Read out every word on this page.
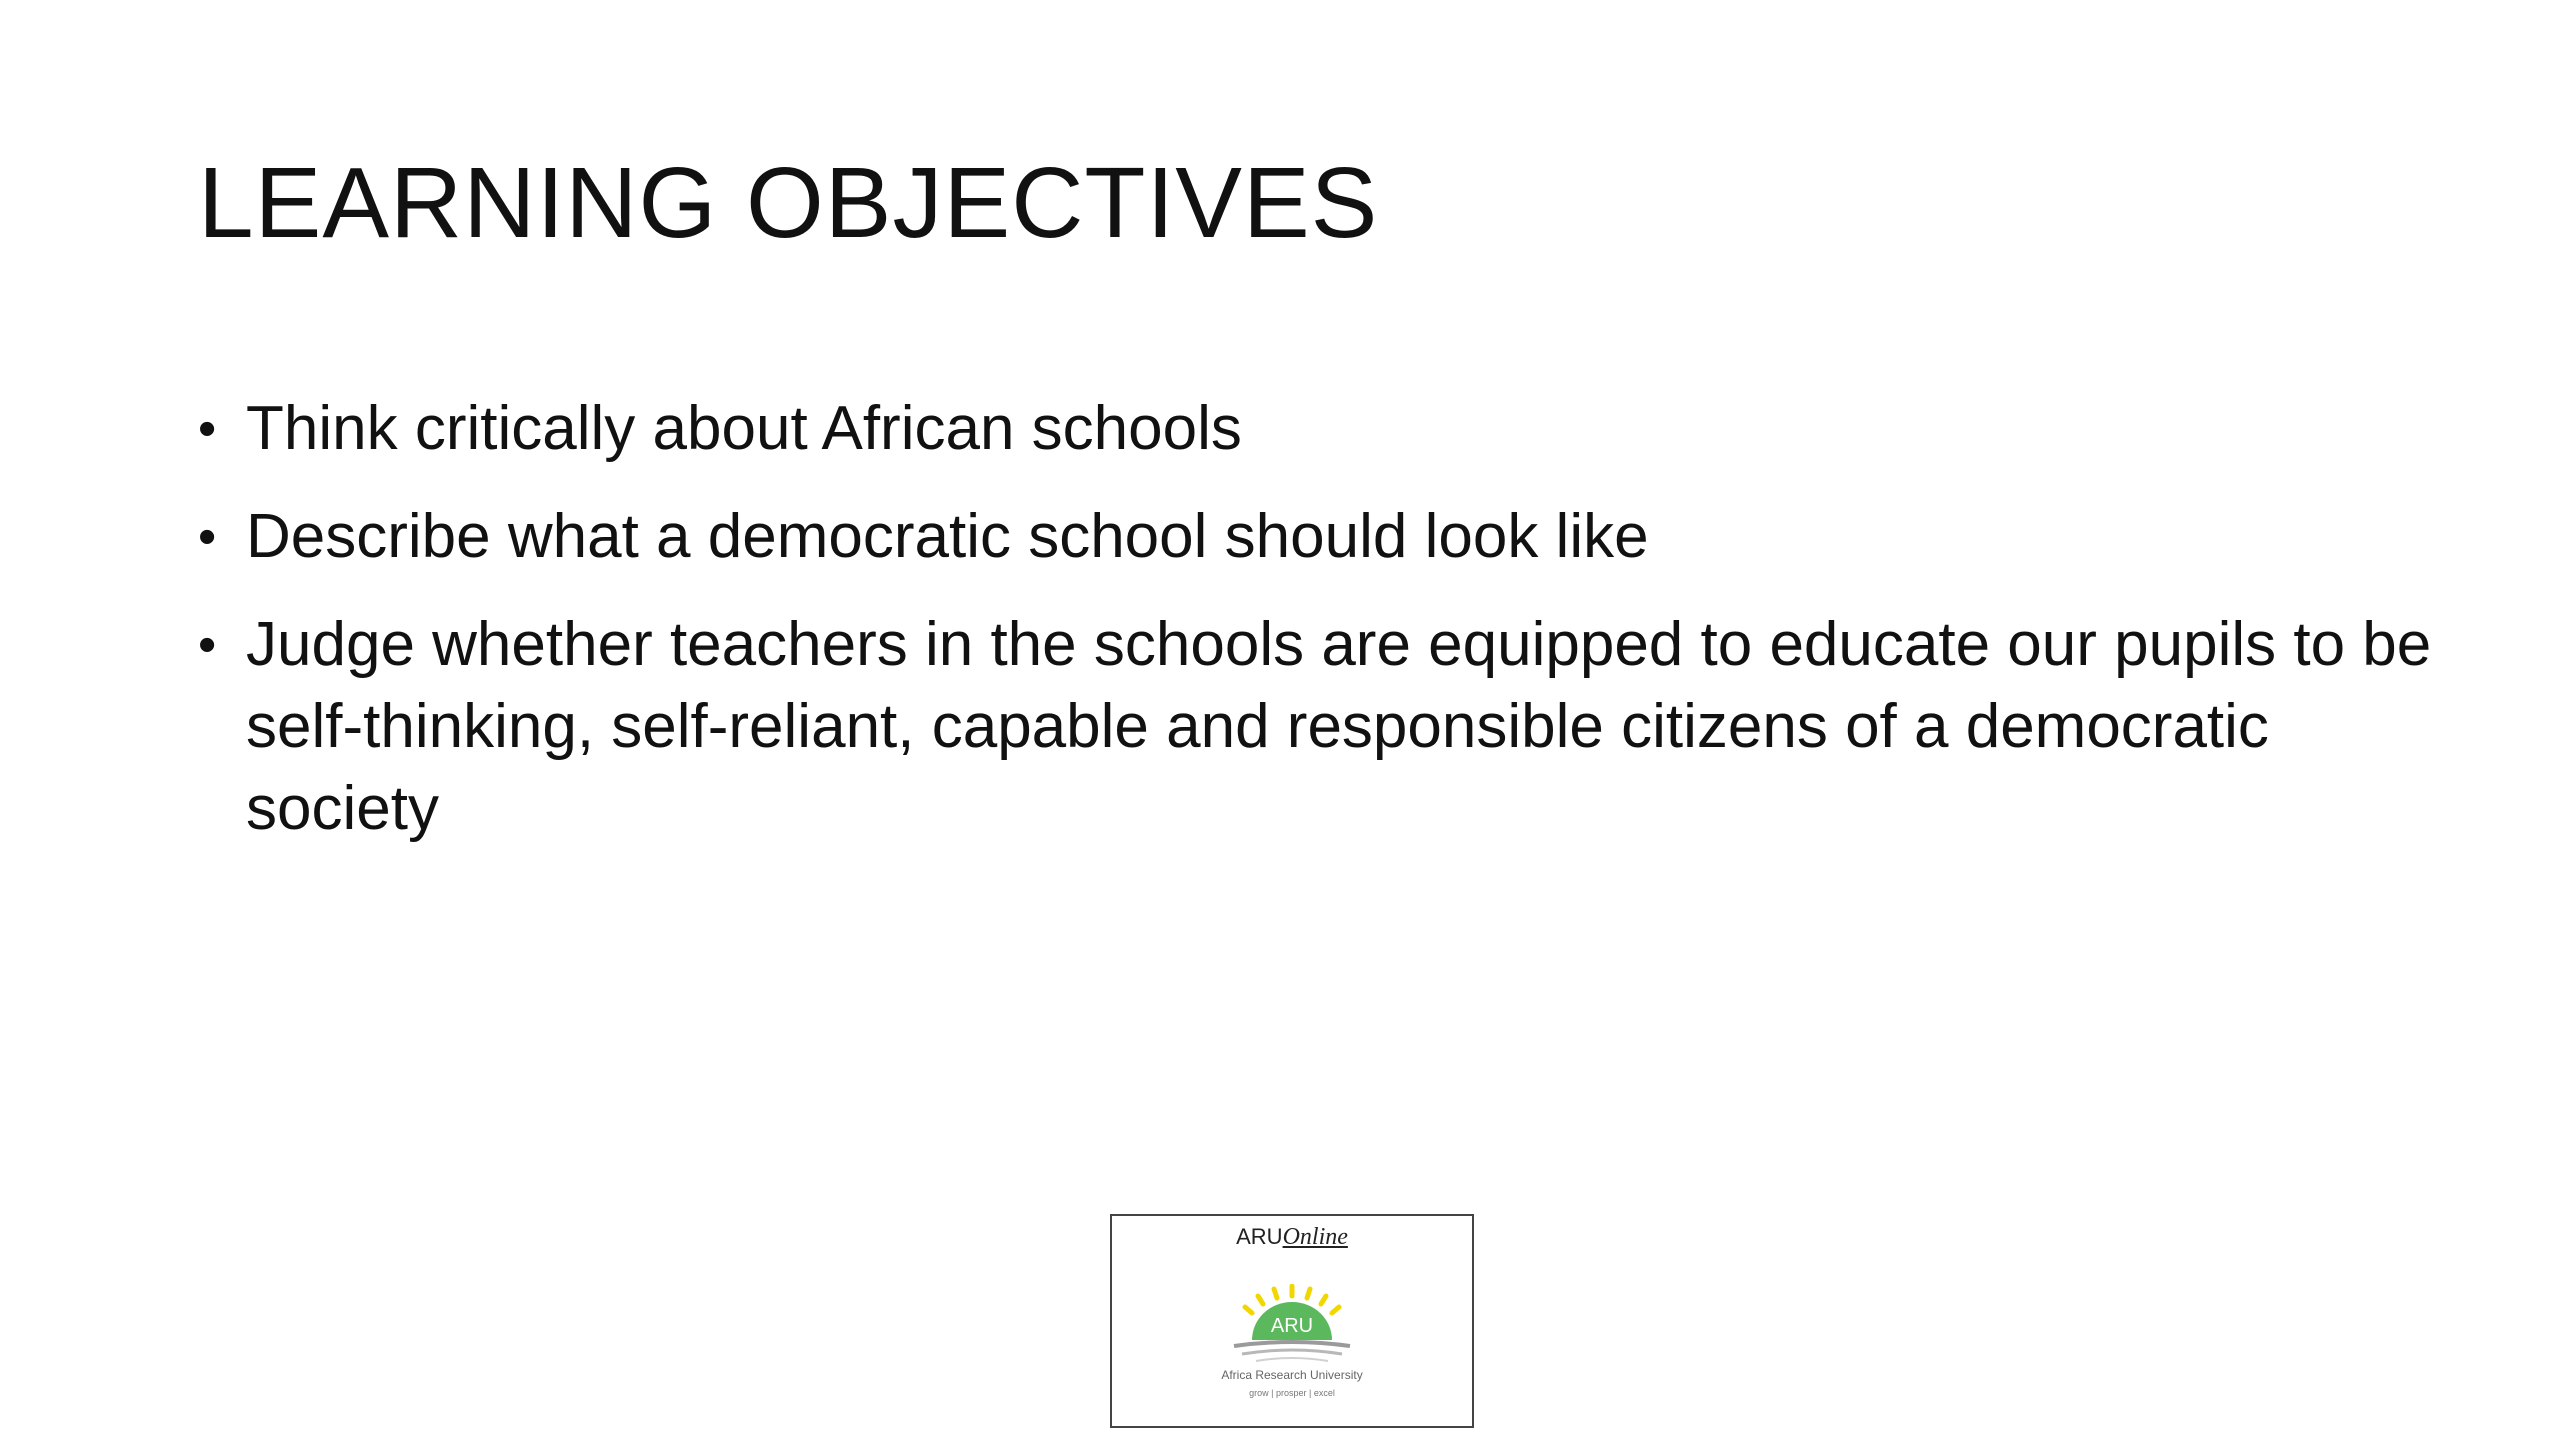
LEARNING OBJECTIVES
• Think critically about African schools
• Describe what a democratic school should look like
• Judge whether teachers in the schools are equipped to educate our pupils to be self-thinking, self-reliant, capable and responsible citizens of a democratic society
ARUOnline
ARU
Africa Research University
grow | prosper | excel
